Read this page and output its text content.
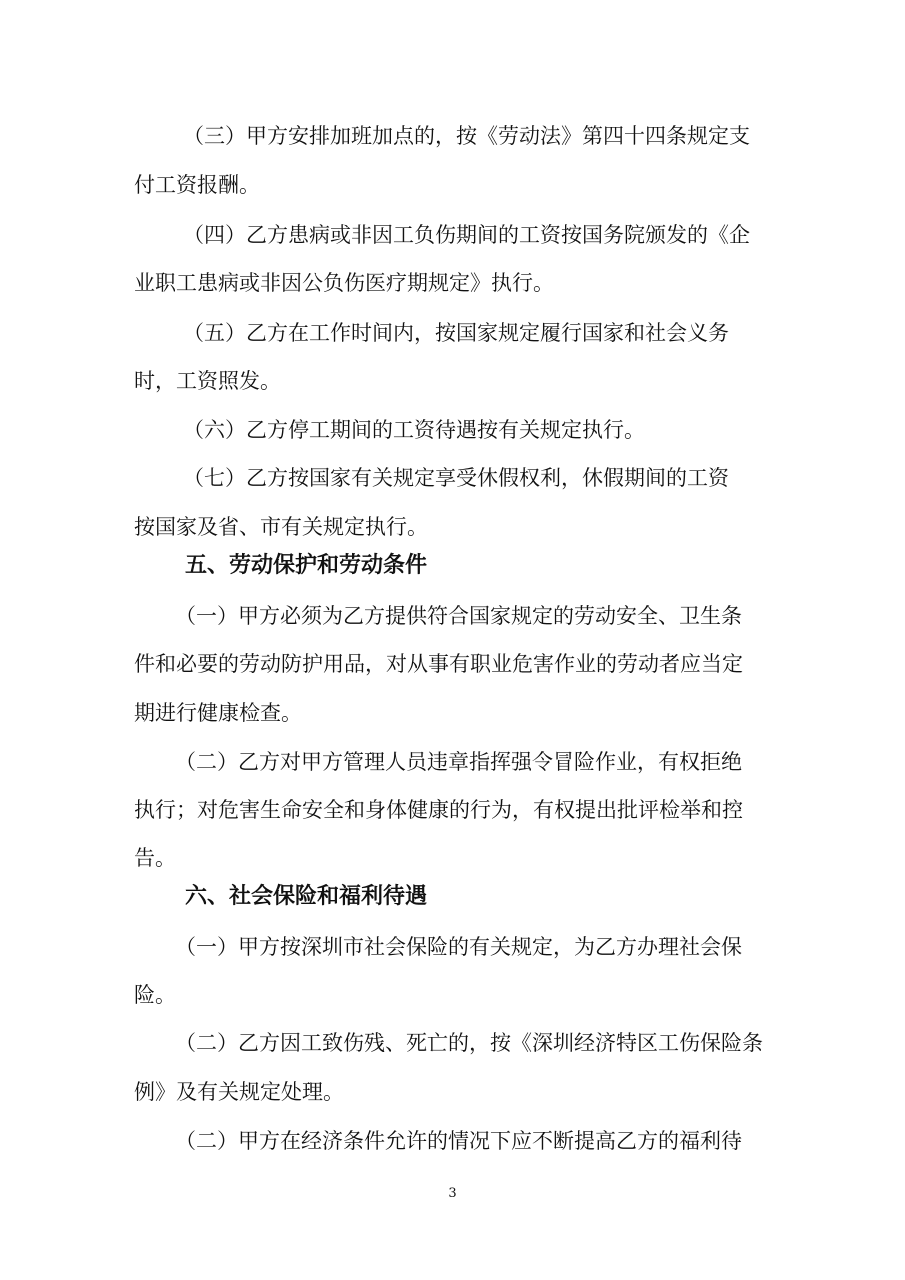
（三）甲方安排加班加点的，按《劳动法》第四十四条规定支
付工资报酬。
（四）乙方患病或非因工负伤期间的工资按国务院颁发的《企
业职工患病或非因公负伤医疗期规定》执行。
（五）乙方在工作时间内，按国家规定履行国家和社会义务
时，工资照发。
（六）乙方停工期间的工资待遇按有关规定执行。
（七）乙方按国家有关规定享受休假权利，休假期间的工资
按国家及省、市有关规定执行。
五、劳动保护和劳动条件
（一）甲方必须为乙方提供符合国家规定的劳动安全、卫生条
件和必要的劳动防护用品，对从事有职业危害作业的劳动者应当定
期进行健康检查。
（二）乙方对甲方管理人员违章指挥强令冒险作业，有权拒绝
执行；对危害生命安全和身体健康的行为，有权提出批评检举和控
告。
六、社会保险和福利待遇
（一）甲方按深圳市社会保险的有关规定，为乙方办理社会保
险。
（二）乙方因工致伤残、死亡的，按《深圳经济特区工伤保险条
例》及有关规定处理。
（二）甲方在经济条件允许的情况下应不断提高乙方的福利待
3
